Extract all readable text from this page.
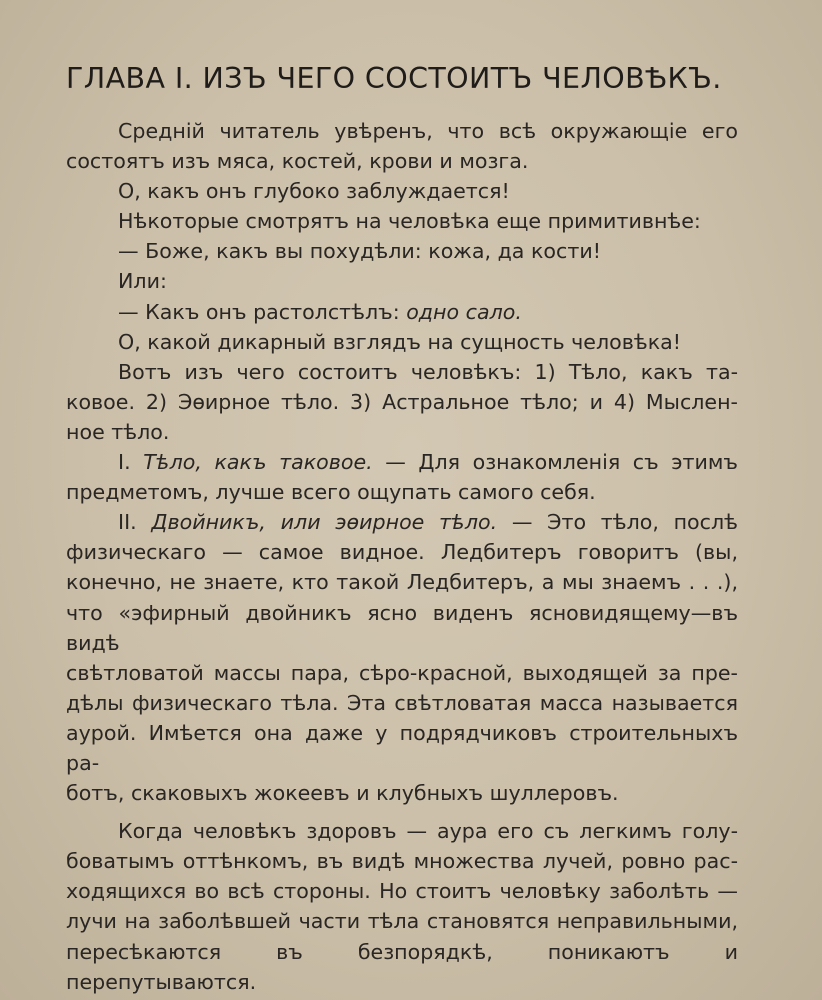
ГЛАВА I. ИЗЪ ЧЕГО СОСТОИТЪ ЧЕЛОВѢКЪ.

Средній читатель увѣренъ, что всѣ окружающіе его
состоятъ изъ мяса, костей, крови и мозга.

О, какъ онъ глубоко заблуждается!

Нѣкоторые смотрятъ на человѣка еще примитивнѣе:

— Боже, какъ вы похудѣли: кожа, да кости!

Или:

— Какъ онъ растолстѣлъ: одно сало.

О, какой дикарный взглядъ на сущность человѣка!

Вотъ изъ чего состоитъ человѣкъ: 1) Тѣло, какъ та-
ковое. 2) Эѳирное тѣло. 3) Астральное тѣло; и 4) Мыслен-
ное тѣло.

I. Тѣло, какъ таковое. — Для ознакомленія съ этимъ
предметомъ, лучше всего ощупать самого себя.

II. Двойникъ, или эѳирное тѣло. — Это тѣло, послѣ
физическаго — самое видное. Ледбитеръ говоритъ (вы,
конечно, не знаете, кто такой Ледбитеръ, а мы знаемъ . . .),
что «эфирный двойникъ ясно виденъ ясновидящему—въ видѣ
свѣтловатой массы пара, сѣро-красной, выходящей за пре-
дѣлы физическаго тѣла. Эта свѣтловатая масса называется
аурой. Имѣется она даже у подрядчиковъ строительныхъ ра-
ботъ, скаковыхъ жокеевъ и клубныхъ шуллеровъ.

Когда человѣкъ здоровъ — аура его съ легкимъ голу-
боватымъ оттѣнкомъ, въ видѣ множества лучей, ровно рас-
ходящихся во всѣ стороны. Но стоитъ человѣку заболѣть —
лучи на заболѣвшей части тѣла становятся неправильными,
пересѣкаются въ безпорядкѣ, поникаютъ и перепутываются.
